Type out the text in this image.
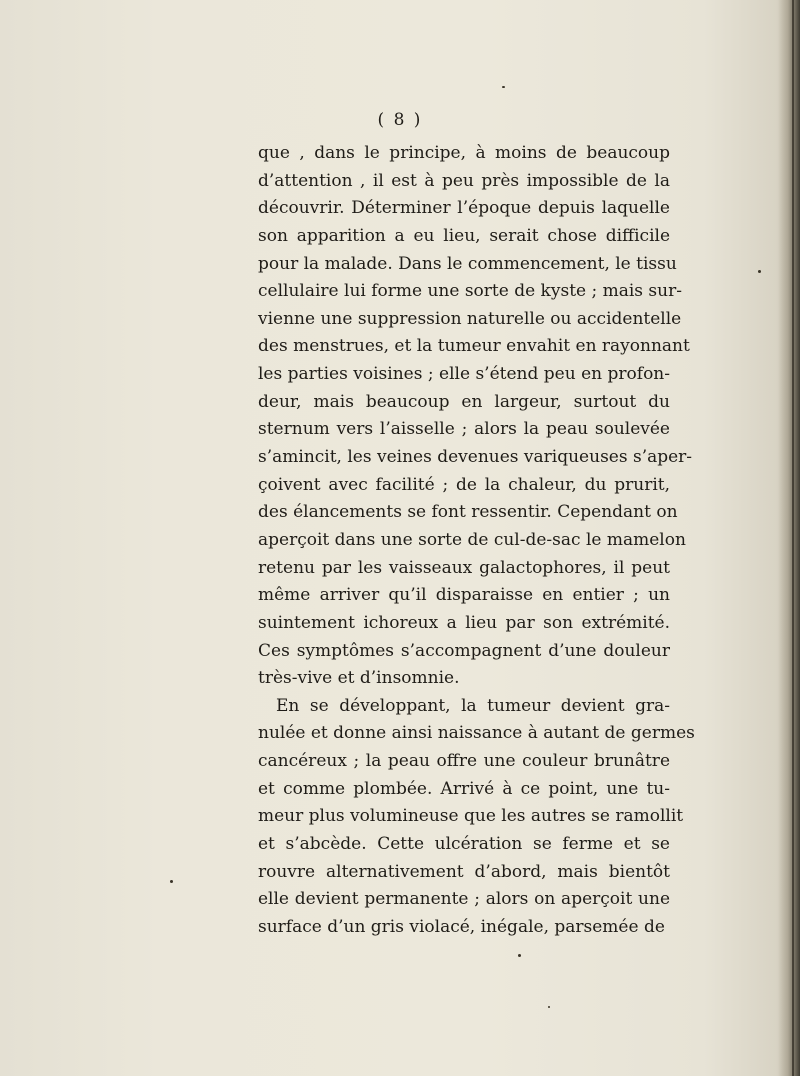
( 8 )
que , dans le principe, à moins de beaucoup
d’attention , il est à peu près impossible de la
découvrir. Déterminer l’époque depuis laquelle
son apparition a eu lieu, serait chose difficile
pour la malade. Dans le commencement, le tissu
cellulaire lui forme une sorte de kyste ; mais sur-
vienne une suppression naturelle ou accidentelle
des menstrues, et la tumeur envahit en rayonnant
les parties voisines ; elle s’étend peu en profon-
deur, mais beaucoup en largeur, surtout du
sternum vers l’aisselle ; alors la peau soulevée
s’amincit, les veines devenues variqueuses s’aper-
çoivent avec facilité ; de la chaleur, du prurit,
des élancements se font ressentir. Cependant on
aperçoit dans une sorte de cul-de-sac le mamelon
retenu par les vaisseaux galactophores, il peut
même arriver qu’il disparaisse en entier ; un
suintement ichoreux a lieu par son extrémité.
Ces symptômes s’accompagnent d’une douleur
très-vive et d’insomnie.
En se développant, la tumeur devient gra-
nulée et donne ainsi naissance à autant de germes
cancéreux ; la peau offre une couleur brunâtre
et comme plombée. Arrivé à ce point, une tu-
meur plus volumineuse que les autres se ramollit
et s’abcède. Cette ulcération se ferme et se
rouvre alternativement d’abord, mais bientôt
elle devient permanente ; alors on aperçoit une
surface d’un gris violacé, inégale, parsemée de
